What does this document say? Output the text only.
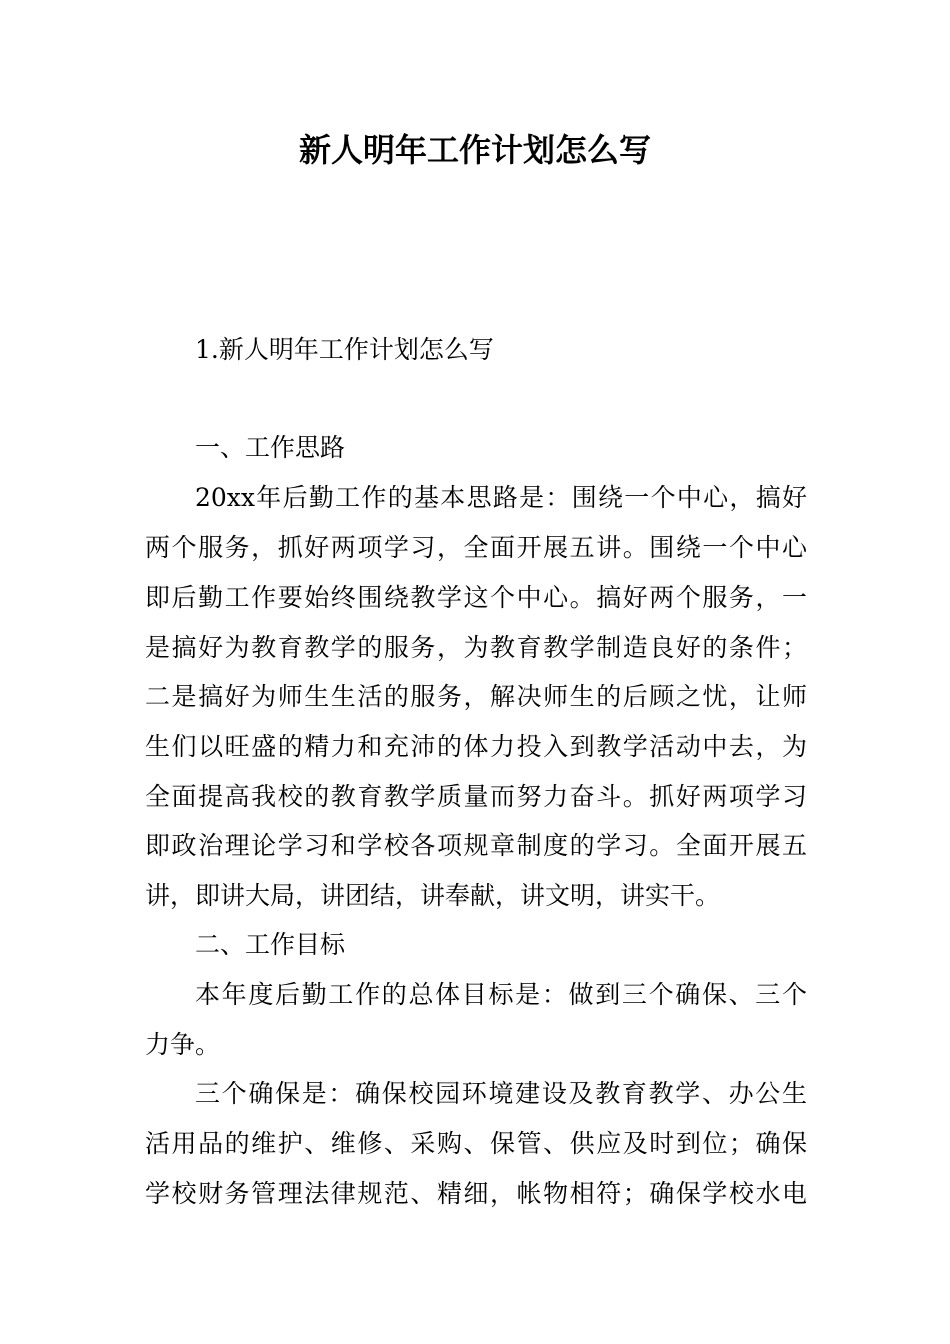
新人明年工作计划怎么写

1.新人明年工作计划怎么写

一、工作思路

20xx年后勤工作的基本思路是：围绕一个中心，搞好

两个服务，抓好两项学习，全面开展五讲。围绕一个中心

即后勤工作要始终围绕教学这个中心。搞好两个服务，一

是搞好为教育教学的服务，为教育教学制造良好的条件；

二是搞好为师生生活的服务，解决师生的后顾之忧，让师

生们以旺盛的精力和充沛的体力投入到教学活动中去，为

全面提高我校的教育教学质量而努力奋斗。抓好两项学习

即政治理论学习和学校各项规章制度的学习。全面开展五

讲，即讲大局，讲团结，讲奉献，讲文明，讲实干。

二、工作目标

本年度后勤工作的总体目标是：做到三个确保、三个

力争。

三个确保是：确保校园环境建设及教育教学、办公生

活用品的维护、维修、采购、保管、供应及时到位；确保

学校财务管理法律规范、精细，帐物相符；确保学校水电
